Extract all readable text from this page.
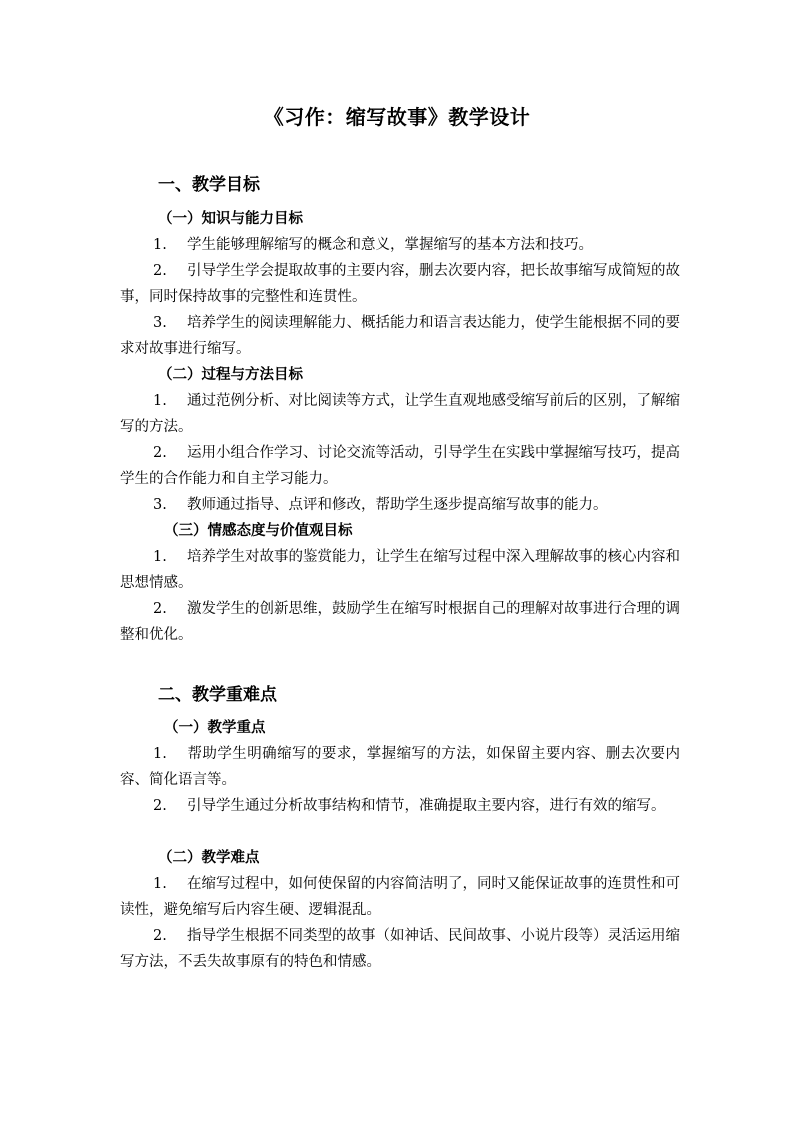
《习作：缩写故事》教学设计
一、教学目标
（一）知识与能力目标

1. 学生能够理解缩写的概念和意义，掌握缩写的基本方法和技巧。

2. 引导学生学会提取故事的主要内容，删去次要内容，把长故事缩写成简短的故事，同时保持故事的完整性和连贯性。

3. 培养学生的阅读理解能力、概括能力和语言表达能力，使学生能根据不同的要求对故事进行缩写。

（二）过程与方法目标

1. 通过范例分析、对比阅读等方式，让学生直观地感受缩写前后的区别，了解缩写的方法。

2. 运用小组合作学习、讨论交流等活动，引导学生在实践中掌握缩写技巧，提高学生的合作能力和自主学习能力。

3. 教师通过指导、点评和修改，帮助学生逐步提高缩写故事的能力。

（三）情感态度与价值观目标

1. 培养学生对故事的鉴赏能力，让学生在缩写过程中深入理解故事的核心内容和思想情感。

2. 激发学生的创新思维，鼓励学生在缩写时根据自己的理解对故事进行合理的调整和优化。

二、教学重难点
（一）教学重点

1. 帮助学生明确缩写的要求，掌握缩写的方法，如保留主要内容、删去次要内容、简化语言等。

2. 引导学生通过分析故事结构和情节，准确提取主要内容，进行有效的缩写。

（二）教学难点

1. 在缩写过程中，如何使保留的内容简洁明了，同时又能保证故事的连贯性和可读性，避免缩写后内容生硬、逻辑混乱。

2. 指导学生根据不同类型的故事（如神话、民间故事、小说片段等）灵活运用缩写方法，不丢失故事原有的特色和情感。
